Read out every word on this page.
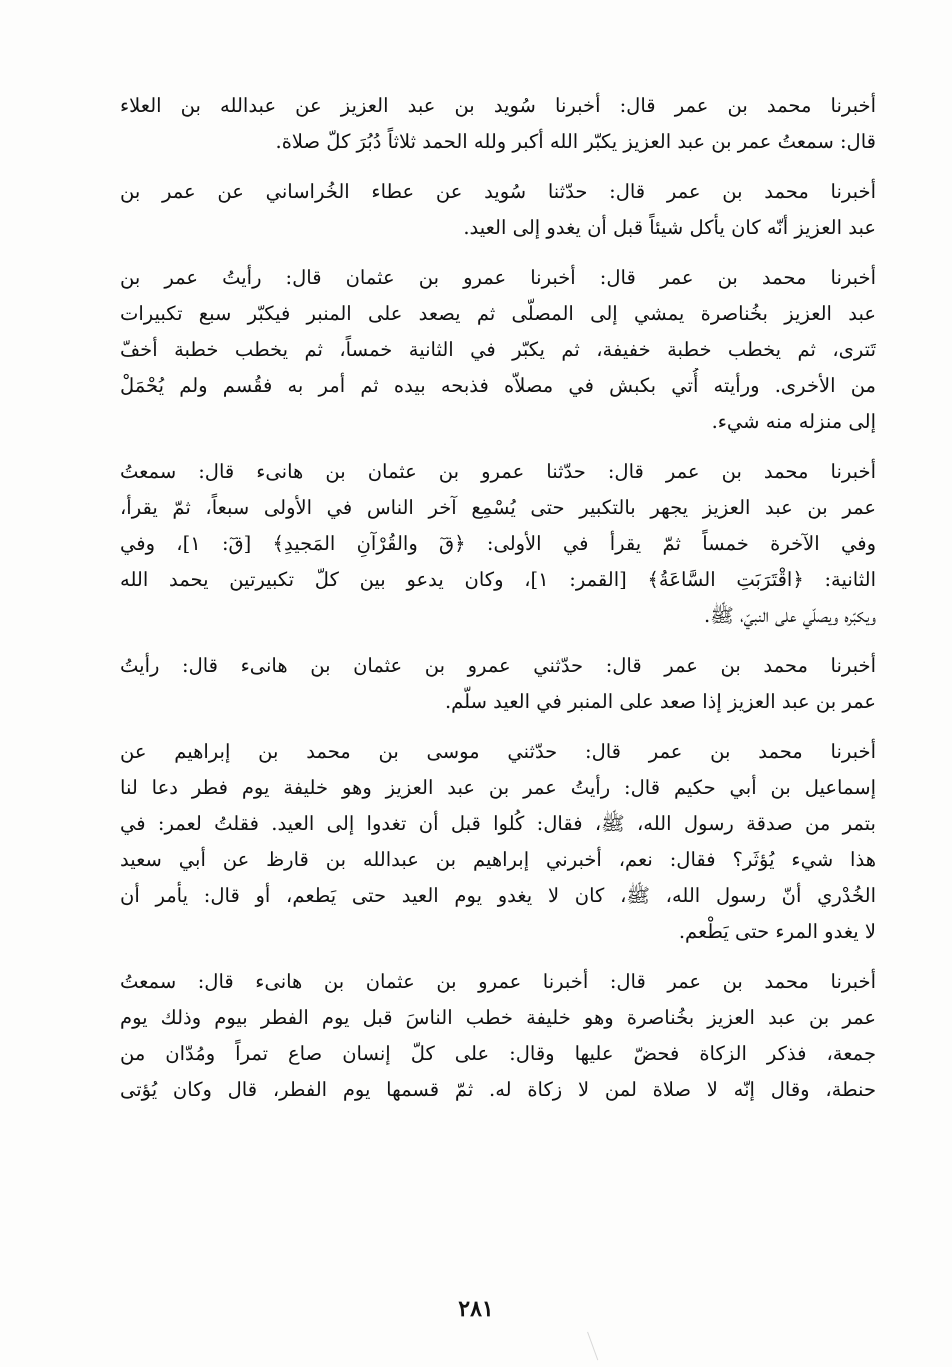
أخبرنا محمد بن عمر قال: أخبرنا سُويد بن عبد العزيز عن عبدالله بن العلاء
قال: سمعتُ عمر بن عبد العزيز يكبّر الله أكبر ولله الحمد ثلاثاً دُبُرَ كلّ صلاة.
أخبرنا محمد بن عمر قال: حدّثنا سُويد عن عطاء الخُراساني عن عمر بن
عبد العزيز أنّه كان يأكل شيئاً قبل أن يغدو إلى العيد.
أخبرنا محمد بن عمر قال: أخبرنا عمرو بن عثمان قال: رأيتُ عمر بن
عبد العزيز بخُناصرة يمشي إلى المصلّى ثم يصعد على المنبر فيكبّر سبع تكبيرات
تَترى، ثم يخطب خطبة خفيفة، ثم يكبّر في الثانية خمساً، ثم يخطب خطبة أخفّ
من الأخرى. ورأيته أُتي بكبش في مصلاّه فذبحه بيده ثم أمر به فقُسم ولم يُحْمَلْ
إلى منزله منه شيء.
أخبرنا محمد بن عمر قال: حدّثنا عمرو بن عثمان بن هانىء قال: سمعتُ
عمر بن عبد العزيز يجهر بالتكبير حتى يُسْمِع آخر الناس في الأولى سبعاً، ثمّ يقرأ،
وفي الآخرة خمساً ثمّ يقرأ في الأولى: ﴿قٓ والقُرْآنِ المَجيدِ﴾ [قٓ: ١]، وفي
الثانية: ﴿اقْتَرَبَتِ السَّاعَةُ﴾ [القمر: ١]، وكان يدعو بين كلّ تكبيرتين يحمد الله
ويكبّره ويصلّي على النبيّ، ﷺ.
أخبرنا محمد بن عمر قال: حدّثني عمرو بن عثمان بن هانىء قال: رأيتُ
عمر بن عبد العزيز إذا صعد على المنبر في العيد سلّم.
أخبرنا محمد بن عمر قال: حدّثني موسى بن محمد بن إبراهيم عن
إسماعيل بن أبي حكيم قال: رأيتُ عمر بن عبد العزيز وهو خليفة يوم فطر دعا لنا
بتمر من صدقة رسول الله، ﷺ، فقال: كُلوا قبل أن تغدوا إلى العيد. فقلتُ لعمر: في
هذا شيء يُؤثَر؟ فقال: نعم، أخبرني إبراهيم بن عبدالله بن قارظ عن أبي سعيد
الخُدْري أنّ رسول الله، ﷺ، كان لا يغدو يوم العيد حتى يَطعم، أو قال: يأمر أن
لا يغدو المرء حتى يَطْعم.
أخبرنا محمد بن عمر قال: أخبرنا عمرو بن عثمان بن هانىء قال: سمعتُ
عمر بن عبد العزيز بخُناصرة وهو خليفة خطب الناسَ قبل يوم الفطر بيوم وذلك يوم
جمعة، فذكر الزكاة فحضّ عليها وقال: على كلّ إنسان صاع تمراً ومُدّان من
حنطة، وقال إنّه لا صلاة لمن لا زكاة له. ثمّ قسمها يوم الفطر، قال وكان يُؤتى
٢٨١
